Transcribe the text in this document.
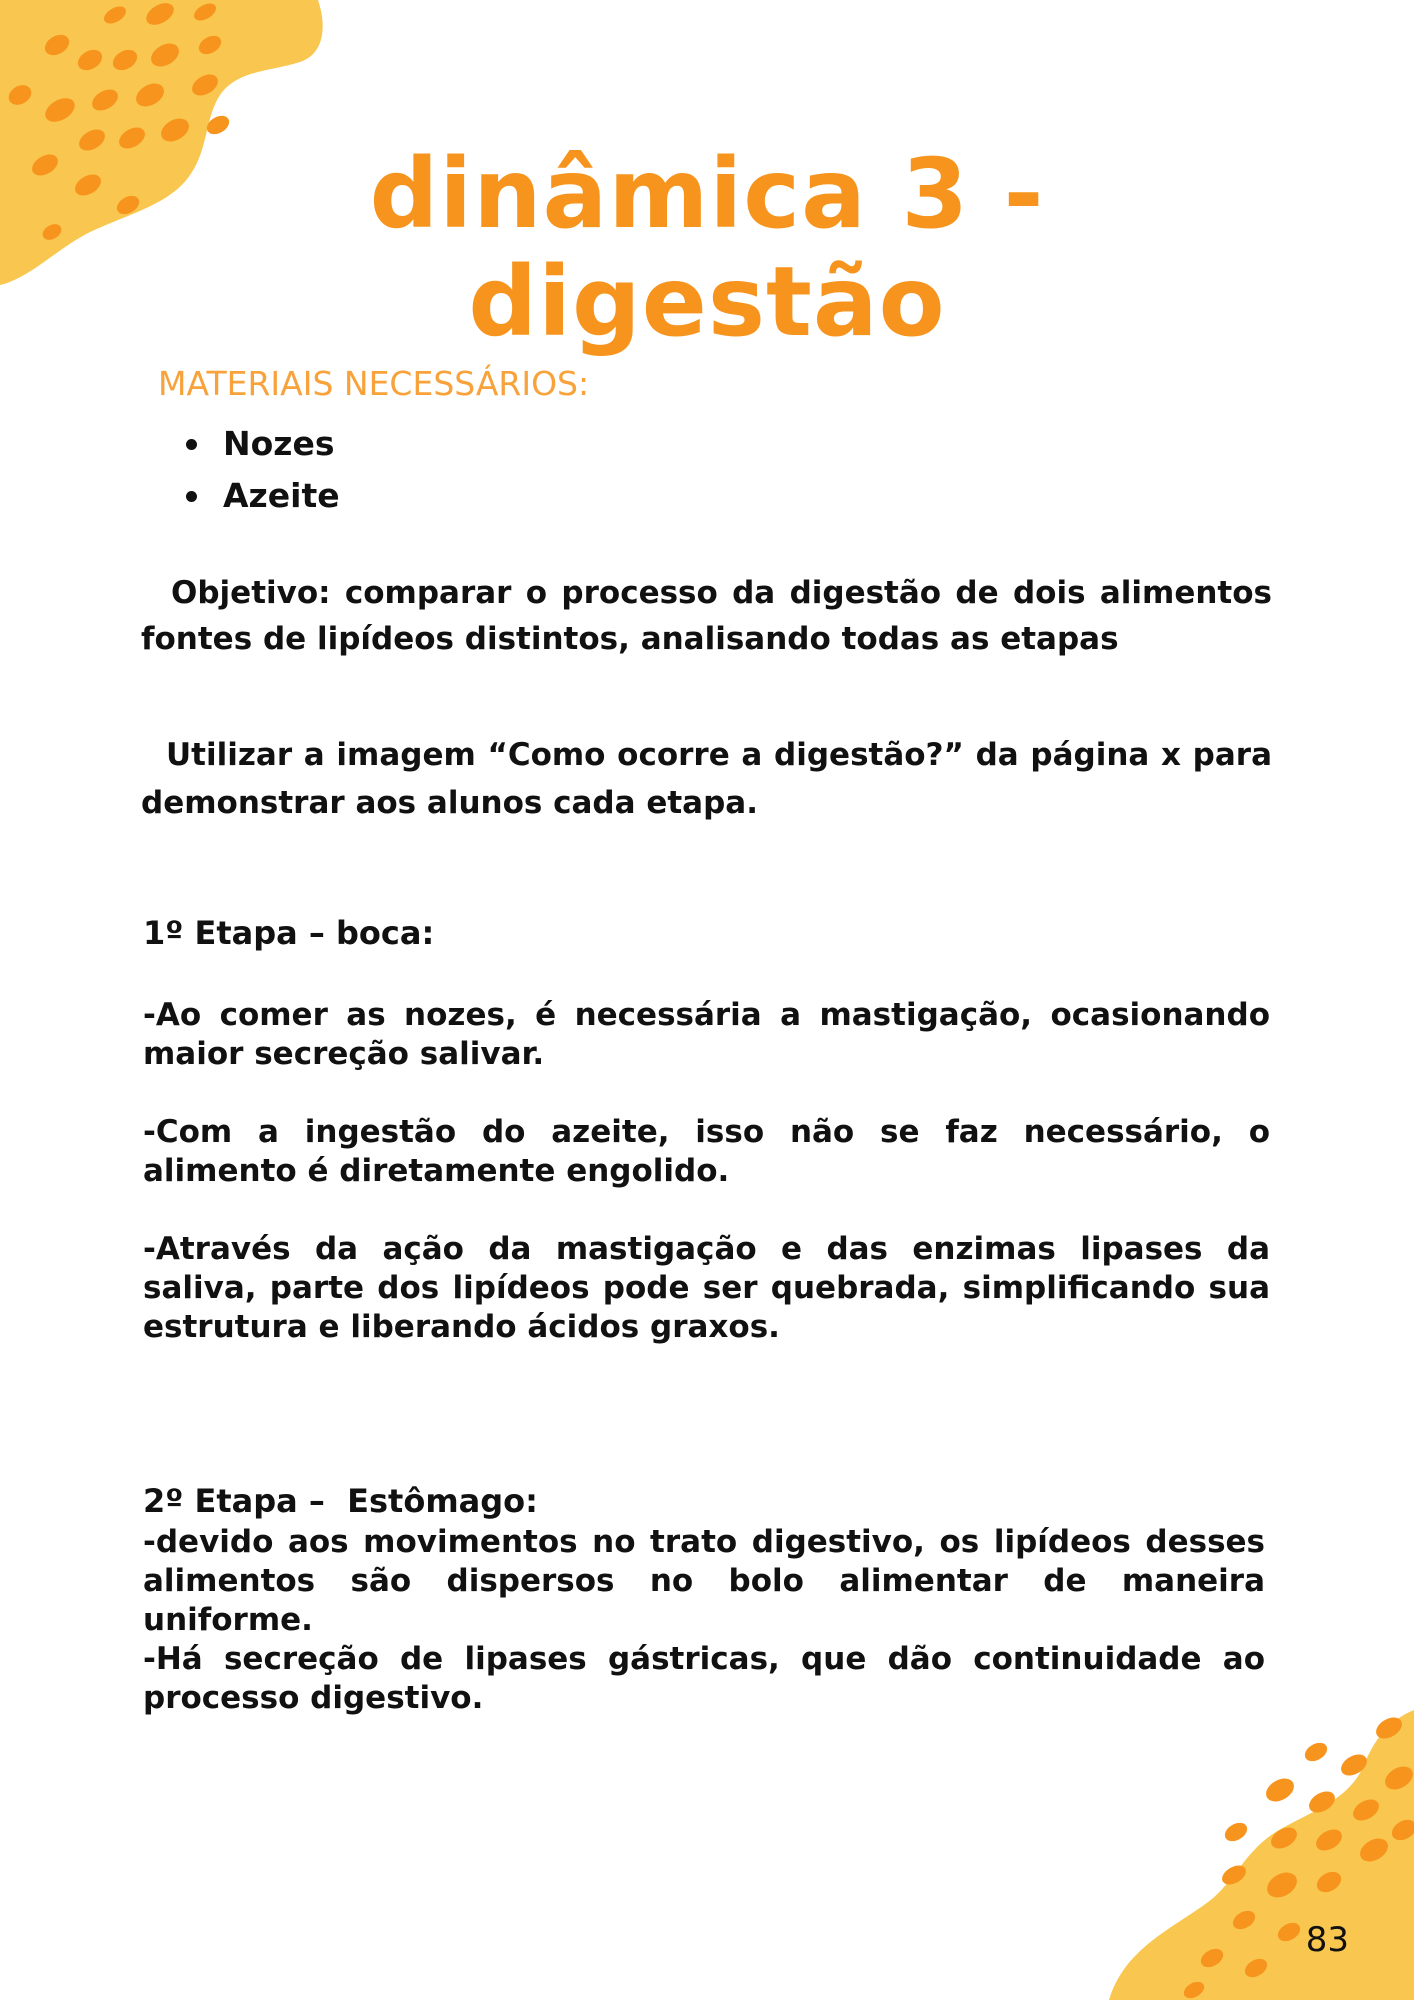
dinâmica 3 -
digestão
MATERIAIS NECESSÁRIOS:
Nozes
Azeite

Objetivo: comparar o processo da digestão de dois alimentos fontes de lipídeos distintos, analisando todas as etapas

Utilizar a imagem “Como ocorre a digestão?” da página x para demonstrar aos alunos cada etapa.

1º Etapa – boca:

-Ao comer as nozes, é necessária a mastigação, ocasionando maior secreção salivar.

-Com a ingestão do azeite, isso não se faz necessário, o alimento é diretamente engolido.

-Através da ação da mastigação e das enzimas lipases da saliva, parte dos lipídeos pode ser quebrada, simplificando sua estrutura e liberando ácidos graxos.

2º Etapa –  Estômago:

-devido aos movimentos no trato digestivo, os lipídeos desses alimentos são dispersos no bolo alimentar de maneira uniforme.

-Há secreção de lipases gástricas, que dão continuidade ao processo digestivo.

83
